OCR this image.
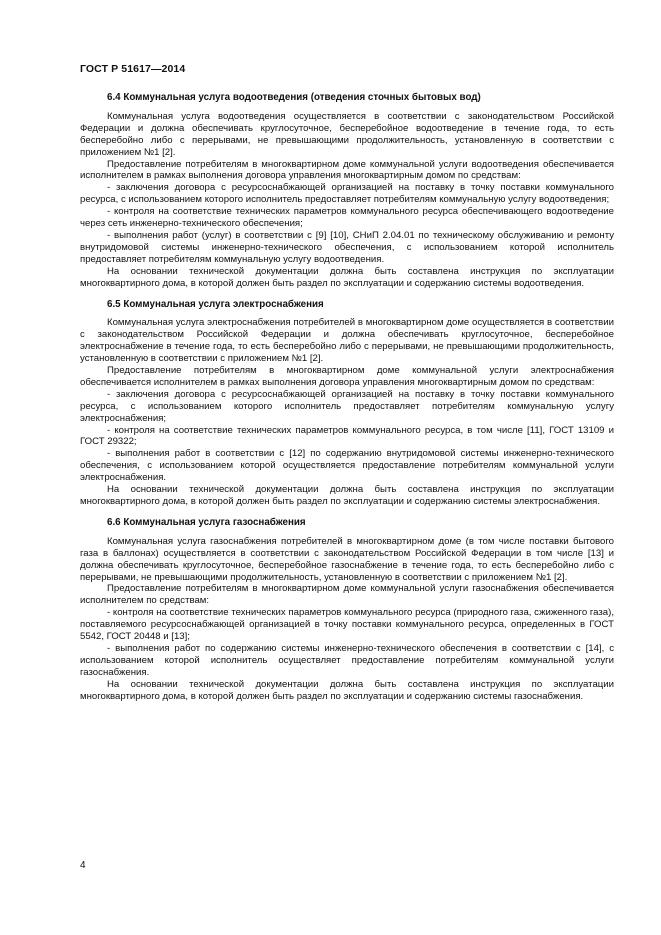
ГОСТ Р 51617—2014

6.4 Коммунальная услуга водоотведения (отведения сточных бытовых вод)

Коммунальная услуга водоотведения осуществляется в соответствии с законодательством Российской Федерации и должна обеспечивать круглосуточное, бесперебойное водоотведение в течение года, то есть бесперебойно либо с перерывами, не превышающими продолжительность, установленную в соответствии с приложением №1 [2].

Предоставление потребителям в многоквартирном доме коммунальной услуги водоотведения обеспечивается исполнителем в рамках выполнения договора управления многоквартирным домом по средствам:

- заключения договора с ресурсоснабжающей организацией на поставку в точку поставки коммунального ресурса, с использованием которого исполнитель предоставляет потребителям коммунальную услугу водоотведения;

- контроля на соответствие технических параметров коммунального ресурса обеспечивающего водоотведение через сеть инженерно-технического обеспечения;

- выполнения работ (услуг) в соответствии с [9] [10], СНиП 2.04.01 по техническому обслуживанию и ремонту внутридомовой системы инженерно-технического обеспечения, с использованием которой исполнитель предоставляет потребителям коммунальную услугу водоотведения.

На основании технической документации должна быть составлена инструкция по эксплуатации многоквартирного дома, в которой должен быть раздел по эксплуатации и содержанию системы водоотведения.

6.5 Коммунальная услуга электроснабжения

Коммунальная услуга электроснабжения потребителей в многоквартирном доме осуществляется в соответствии с законодательством Российской Федерации и должна обеспечивать круглосуточное, бесперебойное электроснабжение в течение года, то есть бесперебойно либо с перерывами, не превышающими продолжительность, установленную в соответствии с приложением №1 [2].

Предоставление потребителям в многоквартирном доме коммунальной услуги электроснабжения обеспечивается исполнителем в рамках выполнения договора управления многоквартирным домом по средствам:

- заключения договора с ресурсоснабжающей организацией на поставку в точку поставки коммунального ресурса, с использованием которого исполнитель предоставляет потребителям коммунальную услугу электроснабжения;

- контроля на соответствие технических параметров коммунального ресурса, в том числе [11], ГОСТ 13109 и ГОСТ 29322;

- выполнения работ в соответствии с [12] по содержанию внутридомовой системы инженерно-технического обеспечения, с использованием которой осуществляется предоставление потребителям коммунальной услуги электроснабжения.

На основании технической документации должна быть составлена инструкция по эксплуатации многоквартирного дома, в которой должен быть раздел по эксплуатации и содержанию системы электроснабжения.

6.6 Коммунальная услуга газоснабжения

Коммунальная услуга газоснабжения потребителей в многоквартирном доме (в том числе поставки бытового газа в баллонах) осуществляется в соответствии с законодательством Российской Федерации в том числе [13] и должна обеспечивать круглосуточное, бесперебойное газоснабжение в течение года, то есть бесперебойно либо с перерывами, не превышающими продолжительность, установленную в соответствии с приложением №1 [2].

Предоставление потребителям в многоквартирном доме коммунальной услуги газоснабжения обеспечивается исполнителем по средствам:

- контроля на соответствие технических параметров коммунального ресурса (природного газа, сжиженного газа), поставляемого ресурсоснабжающей организацией в точку поставки коммунального ресурса, определенных в ГОСТ 5542, ГОСТ 20448 и [13];

- выполнения работ по содержанию системы инженерно-технического обеспечения в соответствии с [14], с использованием которой исполнитель осуществляет предоставление потребителям коммунальной услуги газоснабжения.

На основании технической документации должна быть составлена инструкция по эксплуатации многоквартирного дома, в которой должен быть раздел по эксплуатации и содержанию системы газоснабжения.

4
